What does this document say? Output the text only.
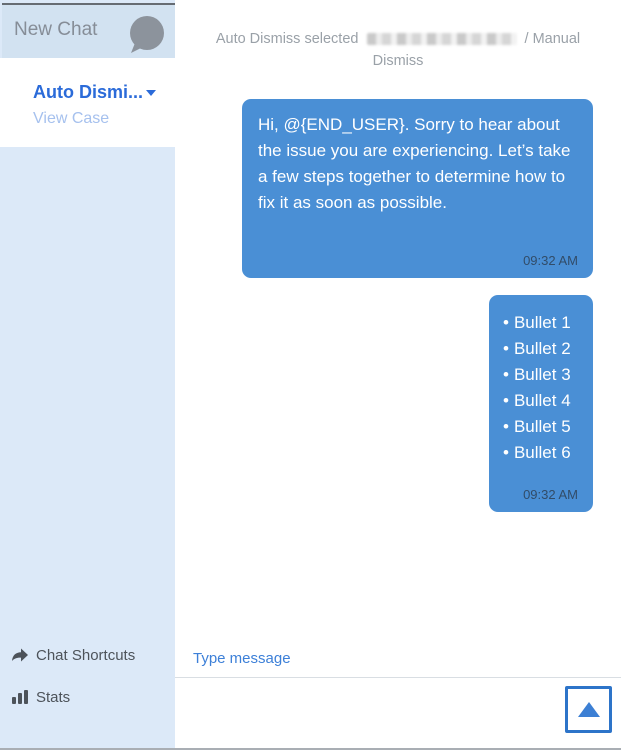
New Chat
Auto Dismi...
View Case
Chat Shortcuts
Stats
Auto Dismiss selected	/ Manual
Dismiss
Hi, @{END_USER}. Sorry to hear about the issue you are experiencing. Let’s take a few steps together to determine how to fix it as soon as possible.
09:32 AM
• Bullet 1
• Bullet 2
• Bullet 3
• Bullet 4
• Bullet 5
• Bullet 6
09:32 AM
Type message
